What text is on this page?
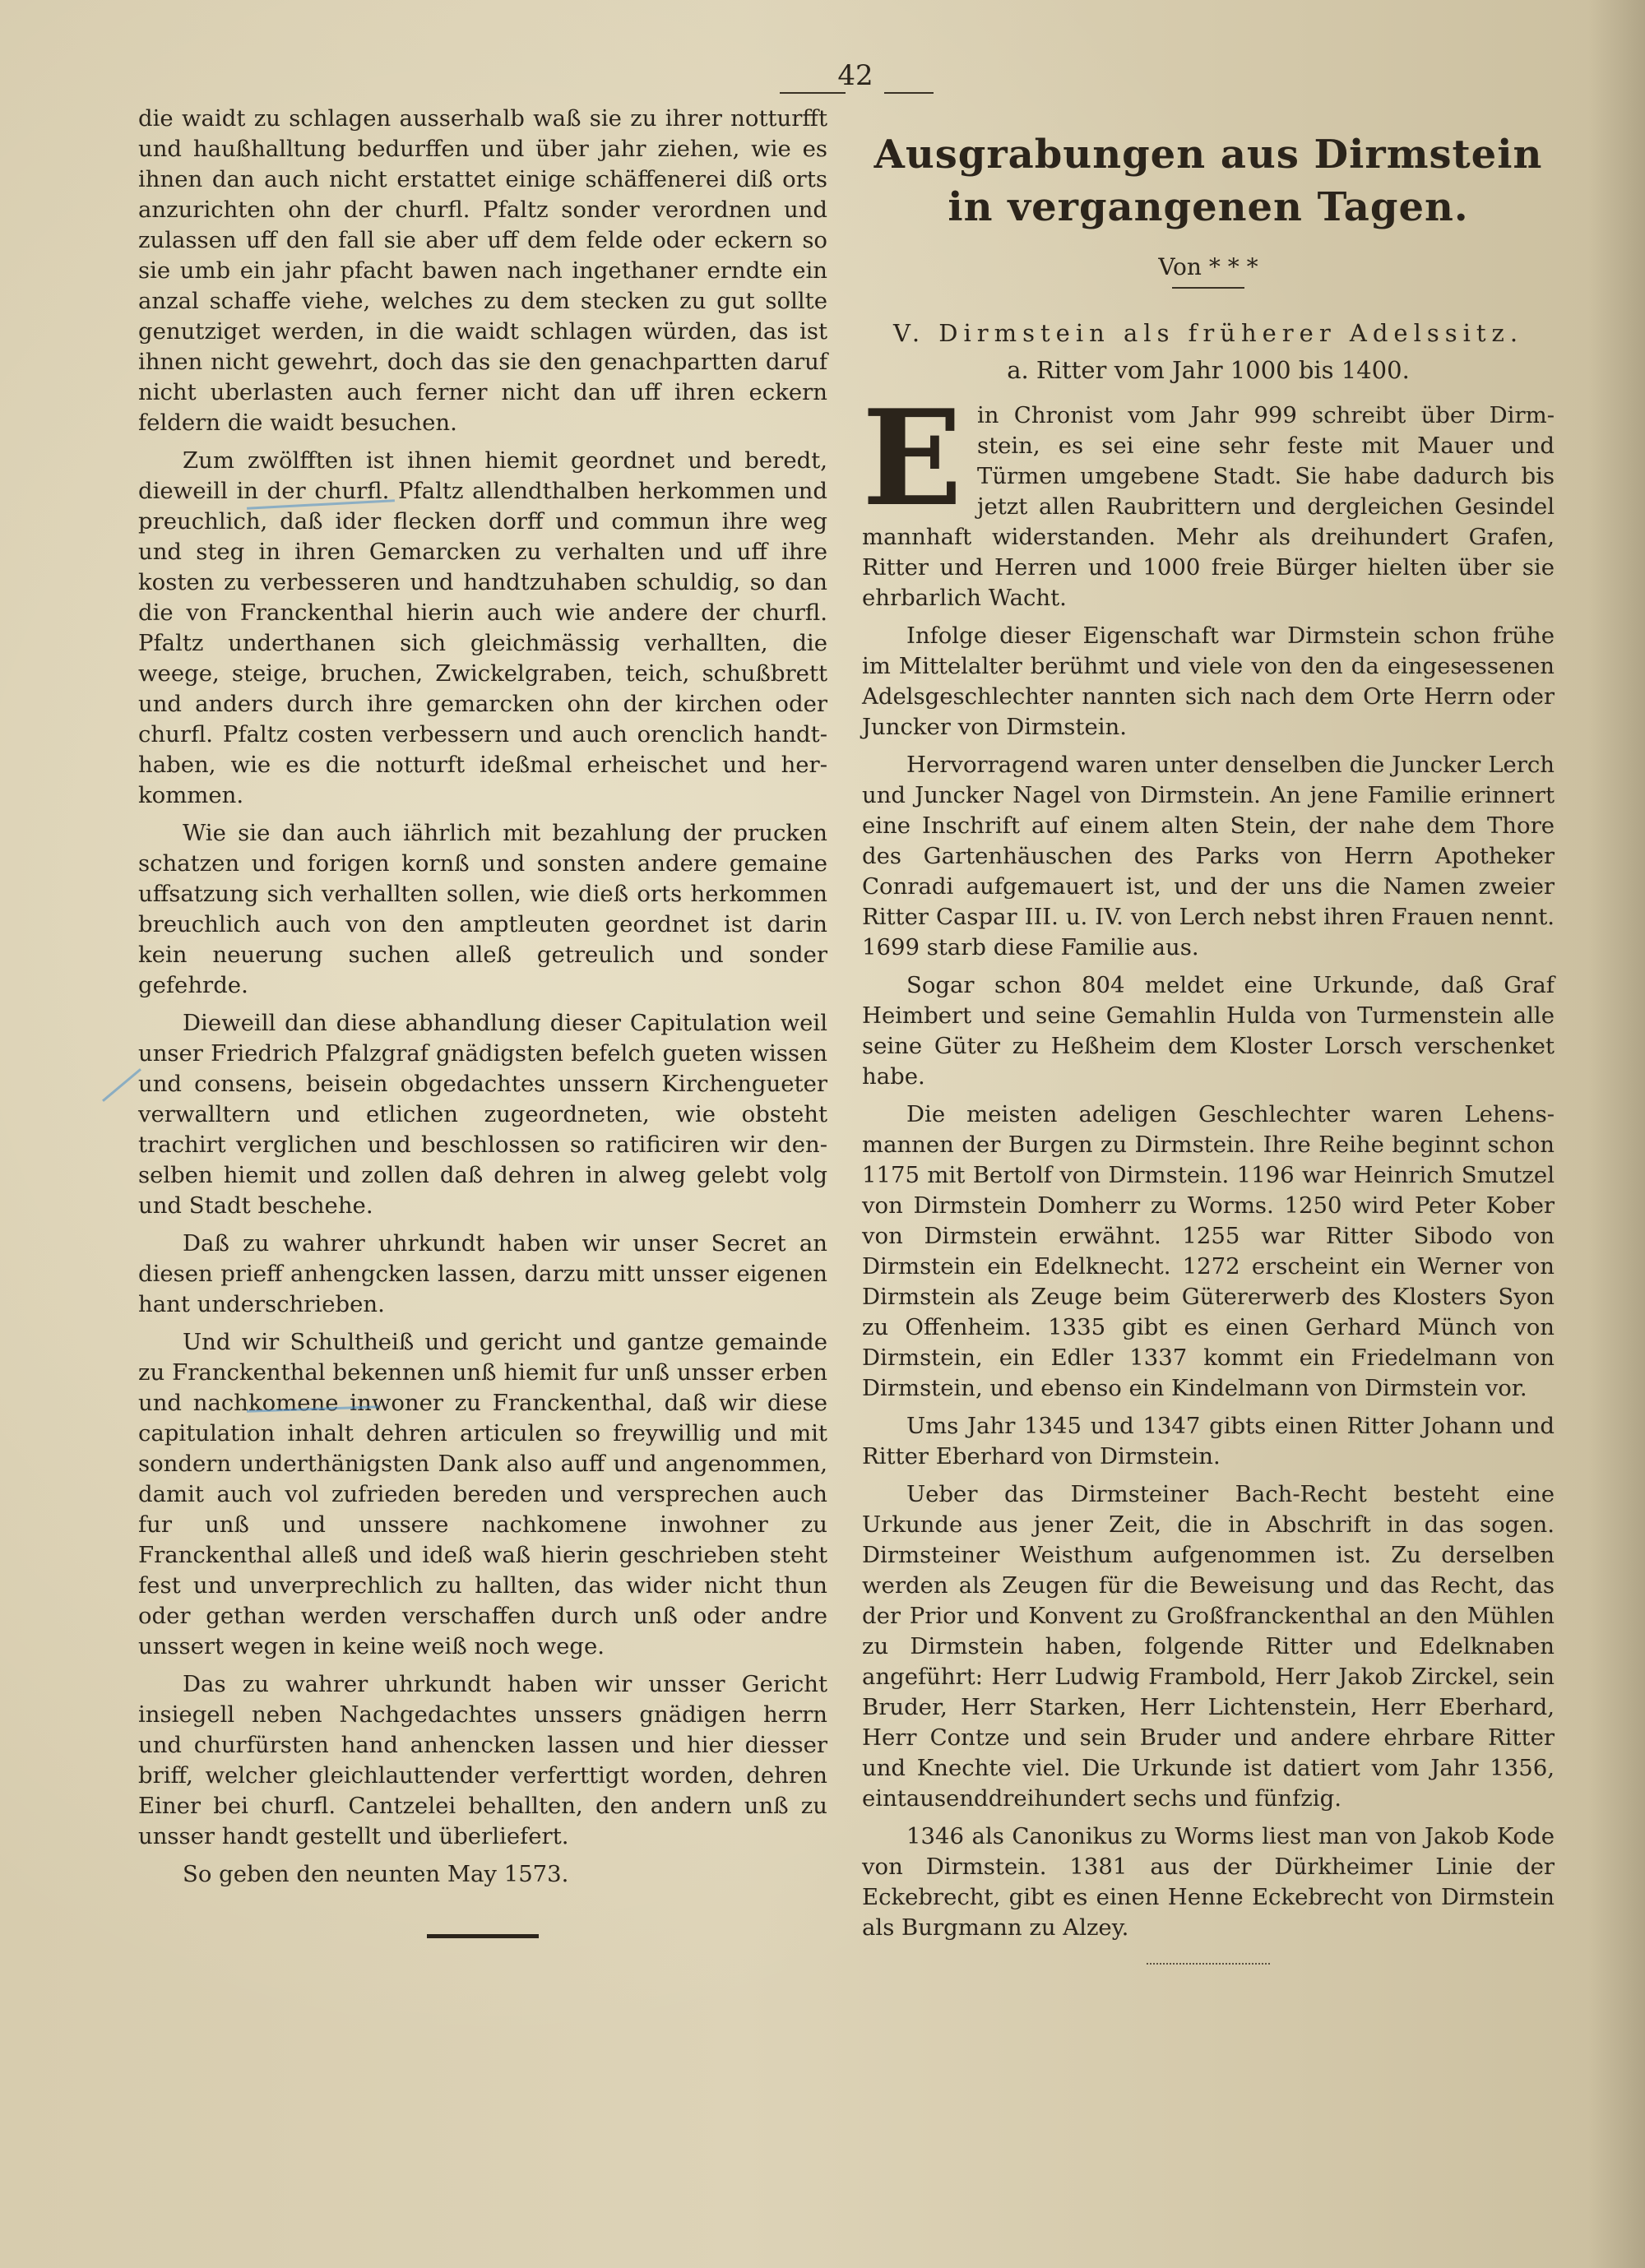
42

die waidt zu schlagen ausserhalb waß sie zu ihrer notturfft und haußhalltung bedurffen und über jahr ziehen, wie es ihnen dan auch nicht erstattet einige schäffenerei diß orts anzurichten ohn der churfl. Pfaltz sonder verordnen und zulassen uff den fall sie aber uff dem felde oder eckern so sie umb ein jahr pfacht bawen nach ingethaner erndte ein anzal schaffe viehe, welches zu dem stecken zu gut sollte genutziget werden, in die waidt schlagen würden, das ist ihnen nicht gewehrt, doch das sie den genachpartten daruf nicht uberlasten auch ferner nicht dan uff ihren eckern feldern die waidt besuchen.

Zum zwölfften ist ihnen hiemit geordnet und beredt, dieweill in der churfl. Pfaltz allendthalben herkommen und preuchlich, daß ider flecken dorff und commun ihre weg und steg in ihren Gemarcken zu verhalten und uff ihre kosten zu verbesseren und handtzuhaben schuldig, so dan die von Franckenthal hierin auch wie andere der churfl. Pfaltz underthanen sich gleichmässig verhallten, die weege, steige, bruchen, Zwickelgraben, teich, schußbrett und anders durch ihre gemarcken ohn der kirchen oder churfl. Pfaltz costen verbessern und auch orenclich handthaben, wie es die notturft ideßmal erheischet und herkommen.

Wie sie dan auch iährlich mit bezahlung der prucken schatzen und forigen kornß und sonsten andere gemaine uffsatzung sich verhallten sollen, wie dieß orts herkommen breuchlich auch von den amptleuten geordnet ist darin kein neuerung suchen alleß getreulich und sonder gefehrde.

Dieweill dan diese abhandlung dieser Capitulation weil unser Friedrich Pfalzgraf gnädigsten befelch gueten wissen und consens, beisein obgedachtes unssern Kirchengueter verwalltern und etlichen zugeordneten, wie obsteht trachirt verglichen und beschlossen so ratificiren wir denselben hiemit und zollen daß dehren in alweg gelebt volg und Stadt beschehe.

Daß zu wahrer uhrkundt haben wir unser Secret an diesen prieff anhengcken lassen, darzu mitt unsser eigenen hant underschrieben.

Und wir Schultheiß und gericht und gantze gemainde zu Franckenthal bekennen unß hiemit fur unß unsser erben und nachkomene inwoner zu Franckenthal, daß wir diese capitulation inhalt dehren articulen so freywillig und mit sondern underthänigsten Dank also auff und angenommen, damit auch vol zufrieden bereden und versprechen auch fur unß und unssere nachkomene inwohner zu Franckenthal alleß und ideß waß hierin geschrieben steht fest und unverprechlich zu hallten, das wider nicht thun oder gethan werden verschaffen durch unß oder andre unssert wegen in keine weiß noch wege.

Das zu wahrer uhrkundt haben wir unsser Gericht insiegell neben Nachgedachtes unssers gnädigen herrn und churfürsten hand anhencken lassen und hier diesser briff, welcher gleichlauttender verferttigt worden, dehren Einer bei churfl. Cantzelei behallten, den andern unß zu unsser handt gestellt und überliefert.

So geben den neunten May 1573.

Ausgrabungen aus Dirmstein in vergangenen Tagen.
Von * * *
V. Dirmstein als früherer Adelssitz.
a. Ritter vom Jahr 1000 bis 1400.

Ein Chronist vom Jahr 999 schreibt über Dirmstein, es sei eine sehr feste mit Mauer und Türmen umgebene Stadt. Sie habe dadurch bis jetzt allen Raubrittern und dergleichen Gesindel mannhaft widerstanden. Mehr als dreihundert Grafen, Ritter und Herren und 1000 freie Bürger hielten über sie ehrbarlich Wacht.

Infolge dieser Eigenschaft war Dirmstein schon frühe im Mittelalter berühmt und viele von den da eingesessenen Adelsgeschlechter nannten sich nach dem Orte Herrn oder Juncker von Dirmstein.

Hervorragend waren unter denselben die Juncker Lerch und Juncker Nagel von Dirmstein. An jene Familie erinnert eine Inschrift auf einem alten Stein, der nahe dem Thore des Gartenhäuschen des Parks von Herrn Apotheker Conradi aufgemauert ist, und der uns die Namen zweier Ritter Caspar III. u. IV. von Lerch nebst ihren Frauen nennt. 1699 starb diese Familie aus.

Sogar schon 804 meldet eine Urkunde, daß Graf Heimbert und seine Gemahlin Hulda von Turmenstein alle seine Güter zu Heßheim dem Kloster Lorsch verschenket habe.

Die meisten adeligen Geschlechter waren Lehensmannen der Burgen zu Dirmstein. Ihre Reihe beginnt schon 1175 mit Bertolf von Dirmstein. 1196 war Heinrich Smutzel von Dirmstein Domherr zu Worms. 1250 wird Peter Kober von Dirmstein erwähnt. 1255 war Ritter Sibodo von Dirmstein ein Edelknecht. 1272 erscheint ein Werner von Dirmstein als Zeuge beim Gütererwerb des Klosters Syon zu Offenheim. 1335 gibt es einen Gerhard Münch von Dirmstein, ein Edler 1337 kommt ein Friedelmann von Dirmstein, und ebenso ein Kindelmann von Dirmstein vor.

Ums Jahr 1345 und 1347 gibts einen Ritter Johann und Ritter Eberhard von Dirmstein.

Ueber das Dirmsteiner Bach-Recht besteht eine Urkunde aus jener Zeit, die in Abschrift in das sogen. Dirmsteiner Weisthum aufgenommen ist. Zu derselben werden als Zeugen für die Beweisung und das Recht, das der Prior und Konvent zu Großfranckenthal an den Mühlen zu Dirmstein haben, folgende Ritter und Edelknaben angeführt: Herr Ludwig Frambold, Herr Jakob Zirckel, sein Bruder, Herr Starken, Herr Lichtenstein, Herr Eberhard, Herr Contze und sein Bruder und andere ehrbare Ritter und Knechte viel. Die Urkunde ist datiert vom Jahr 1356, eintausenddreihundert sechs und fünfzig.

1346 als Canonikus zu Worms liest man von Jakob Kode von Dirmstein. 1381 aus der Dürkheimer Linie der Eckebrecht, gibt es einen Henne Eckebrecht von Dirmstein als Burgmann zu Alzey.
